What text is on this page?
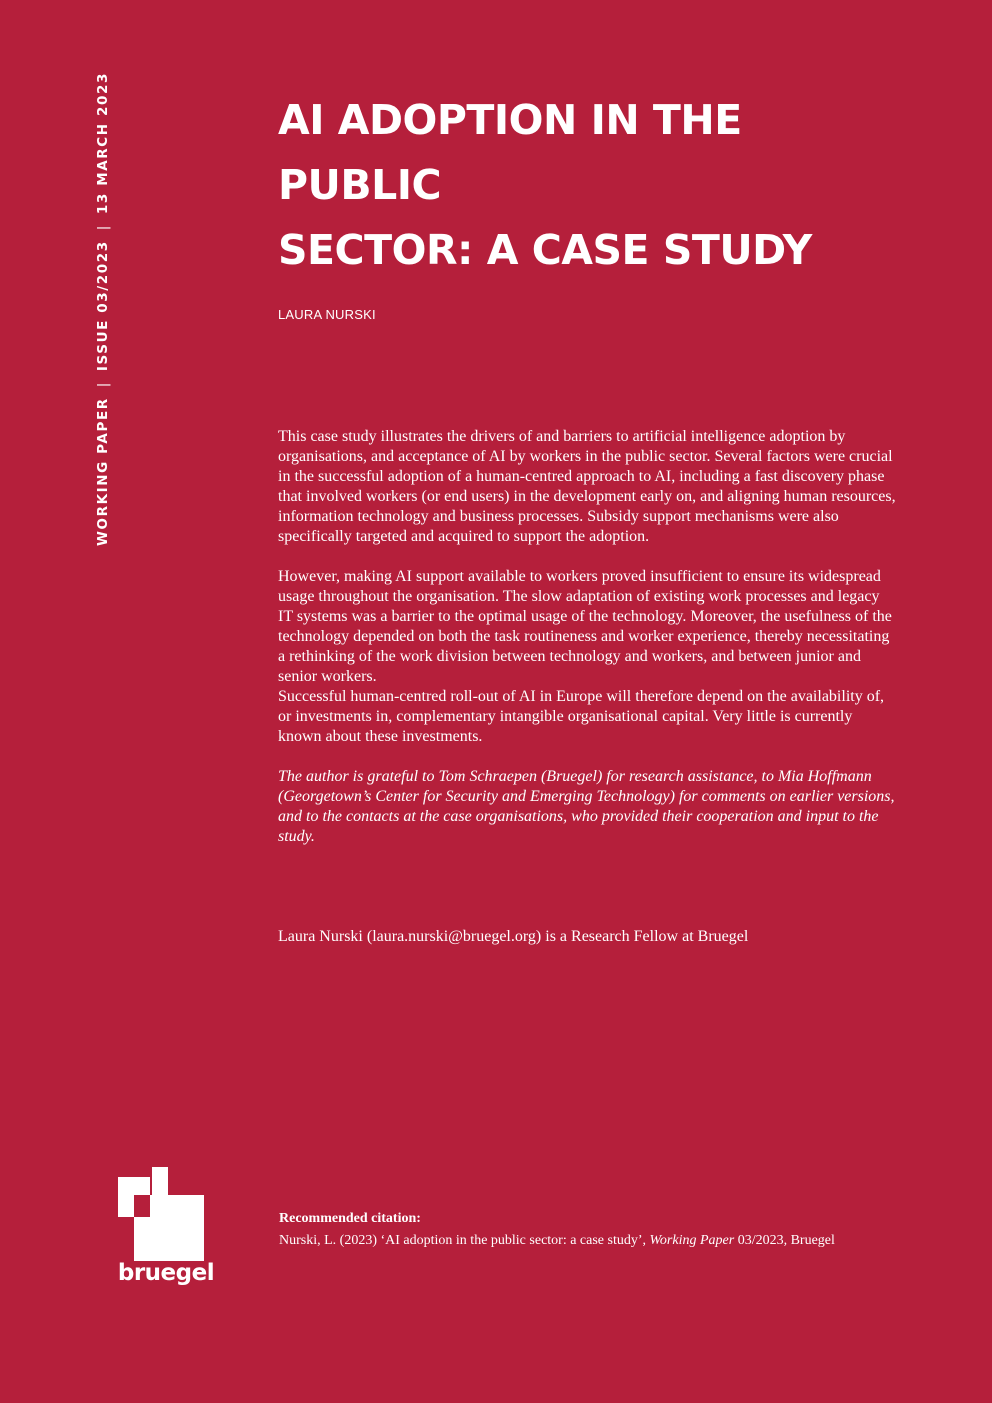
WORKING PAPER|ISSUE 03/2023|13 MARCH 2023	AI ADOPTION IN THE PUBLIC
SECTOR: A CASE STUDY
LAURA NURSKI

This case study illustrates the drivers of and barriers to artificial intelligence adoption by organisations, and acceptance of AI by workers in the public sector. Several factors were crucial in the successful adoption of a human-centred approach to AI, including a fast discovery phase that involved workers (or end users) in the development early on, and aligning human resources, information technology and business processes. Subsidy support mechanisms were also specifically targeted and acquired to support the adoption.

However, making AI support available to workers proved insufficient to ensure its widespread usage throughout the organisation. The slow adaptation of existing work processes and legacy IT systems was a barrier to the optimal usage of the technology. Moreover, the usefulness of the technology depended on both the task routineness and worker experience, thereby necessitating a rethinking of the work division between technology and workers, and between junior and senior workers.

Successful human-centred roll-out of AI in Europe will therefore depend on the availability of, or investments in, complementary intangible organisational capital. Very little is currently known about these investments.

The author is grateful to Tom Schraepen (Bruegel) for research assistance, to Mia Hoffmann (Georgetown’s Center for Security and Emerging Technology) for comments on earlier versions, and to the contacts at the case organisations, who provided their cooperation and input to the study.

Laura Nurski (laura.nurski@bruegel.org) is a Research Fellow at Bruegel
bruegel
Recommended citation:
Nurski, L. (2023) ‘AI adoption in the public sector: a case study’, Working Paper 03/2023, Bruegel
